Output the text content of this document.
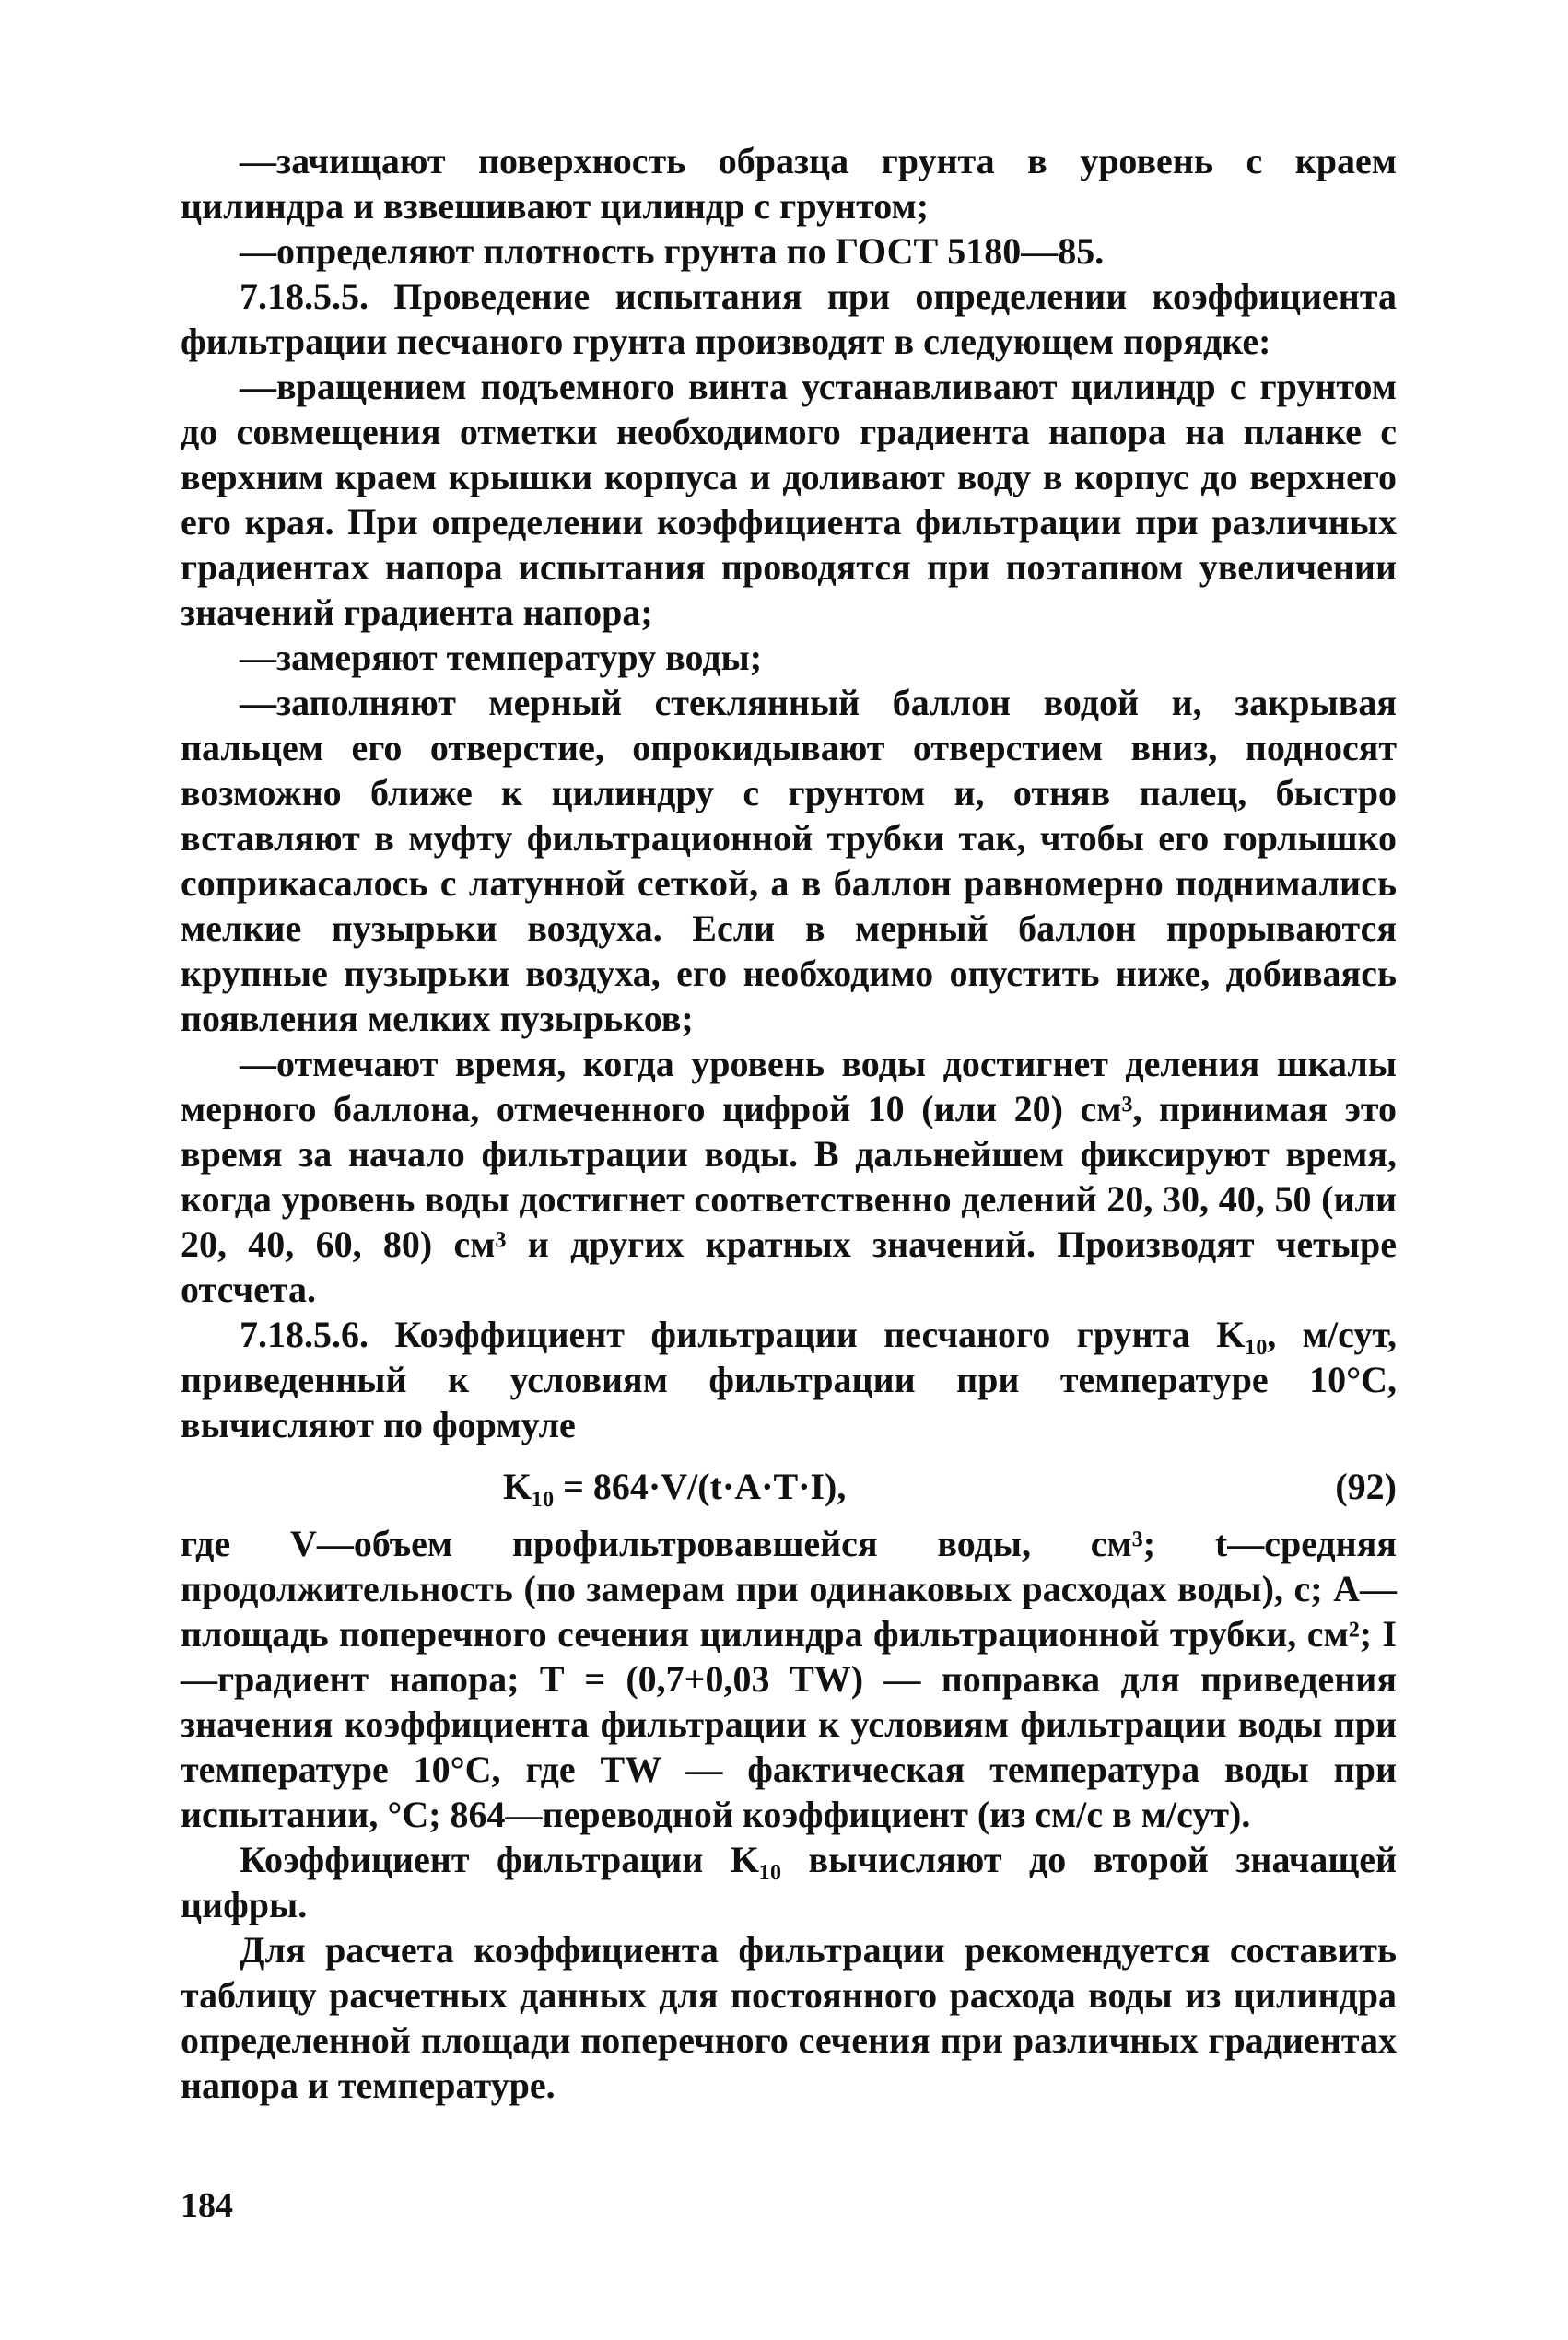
—зачищают поверхность образца грунта в уровень с краем цилиндра и взвешивают цилиндр с грунтом;

—определяют плотность грунта по ГОСТ 5180—85.

7.18.5.5. Проведение испытания при определении коэффициента фильтрации песчаного грунта производят в следующем порядке:

—вращением подъемного винта устанавливают цилиндр с грунтом до совмещения отметки необходимого градиента напора на планке с верхним краем крышки корпуса и доливают воду в корпус до верхнего его края. При определении коэффициента фильтрации при различных градиентах напора испытания проводятся при поэтапном увеличении значений градиента напора;

—замеряют температуру воды;

—заполняют мерный стеклянный баллон водой и, закрывая пальцем его отверстие, опрокидывают отверстием вниз, подносят возможно ближе к цилиндру с грунтом и, отняв палец, быстро вставляют в муфту фильтрационной трубки так, чтобы его горлышко соприкасалось с латунной сеткой, а в баллон равномерно поднимались мелкие пузырьки воздуха. Если в мерный баллон прорываются крупные пузырьки воздуха, его необходимо опустить ниже, добиваясь появления мелких пузырьков;

—отмечают время, когда уровень воды достигнет деления шкалы мерного баллона, отмеченного цифрой 10 (или 20) см³, принимая это время за начало фильтрации воды. В дальнейшем фиксируют время, когда уровень воды достигнет соответственно делений 20, 30, 40, 50 (или 20, 40, 60, 80) см³ и других кратных значений. Производят четыре отсчета.

7.18.5.6. Коэффициент фильтрации песчаного грунта K₁₀, м/сут, приведенный к условиям фильтрации при температуре 10°С, вычисляют по формуле

K₁₀ = 864·V/(t·A·T·I),	(92)

где V—объем профильтровавшейся воды, см³; t—средняя продолжительность (по замерам при одинаковых расходах воды), с; A—площадь поперечного сечения цилиндра фильтрационной трубки, см²; I—градиент напора; T = (0,7+0,03 TW) — поправка для приведения значения коэффициента фильтрации к условиям фильтрации воды при температуре 10°С, где TW — фактическая температура воды при испытании, °С; 864—переводной коэффициент (из см/с в м/сут).

Коэффициент фильтрации K₁₀ вычисляют до второй значащей цифры.

Для расчета коэффициента фильтрации рекомендуется составить таблицу расчетных данных для постоянного расхода воды из цилиндра определенной площади поперечного сечения при различных градиентах напора и температуре.

184
